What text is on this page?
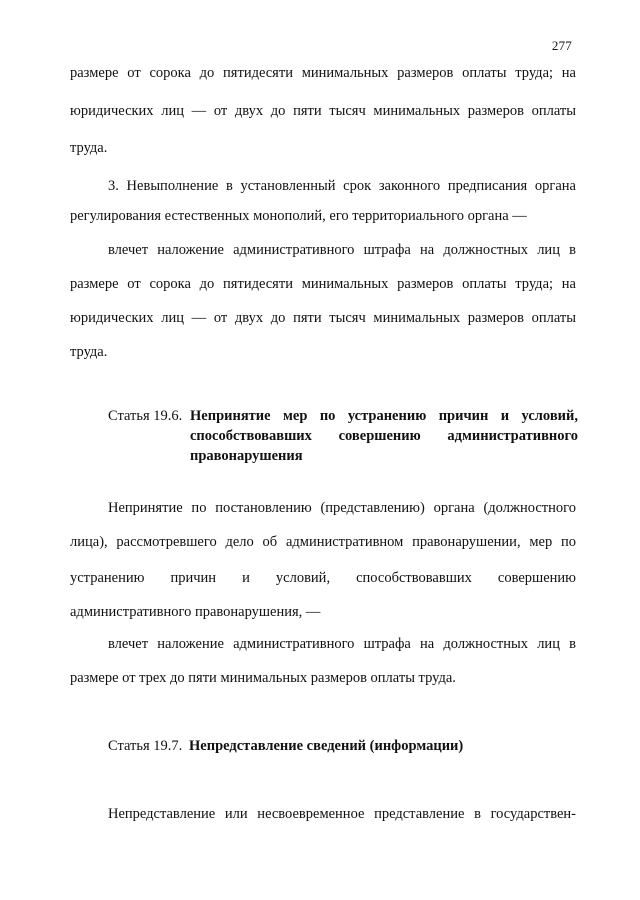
277
размере от сорока до пятидесяти минимальных размеров оплаты труда; на
юридических лиц — от двух до пяти тысяч минимальных размеров оплаты
труда.
3. Невыполнение в установленный срок законного предписания органа
регулирования естественных монополий, его территориального органа —
влечет наложение административного штрафа на должностных лиц в
размере от сорока до пятидесяти минимальных размеров оплаты труда; на
юридических лиц — от двух до пяти тысяч минимальных размеров оплаты
труда.
Статья 19.6. Непринятие мер по устранению причин и условий,
способствовавших совершению административного
правонарушения
Непринятие по постановлению (представлению) органа (должностного
лица), рассмотревшего дело об административном правонарушении, мер по
устранению причин и условий, способствовавших совершению
административного правонарушения, —
влечет наложение административного штрафа на должностных лиц в
размере от трех до пяти минимальных размеров оплаты труда.
Статья 19.7. Непредставление сведений (информации)
Непредставление или несвоевременное представление в государствен-
